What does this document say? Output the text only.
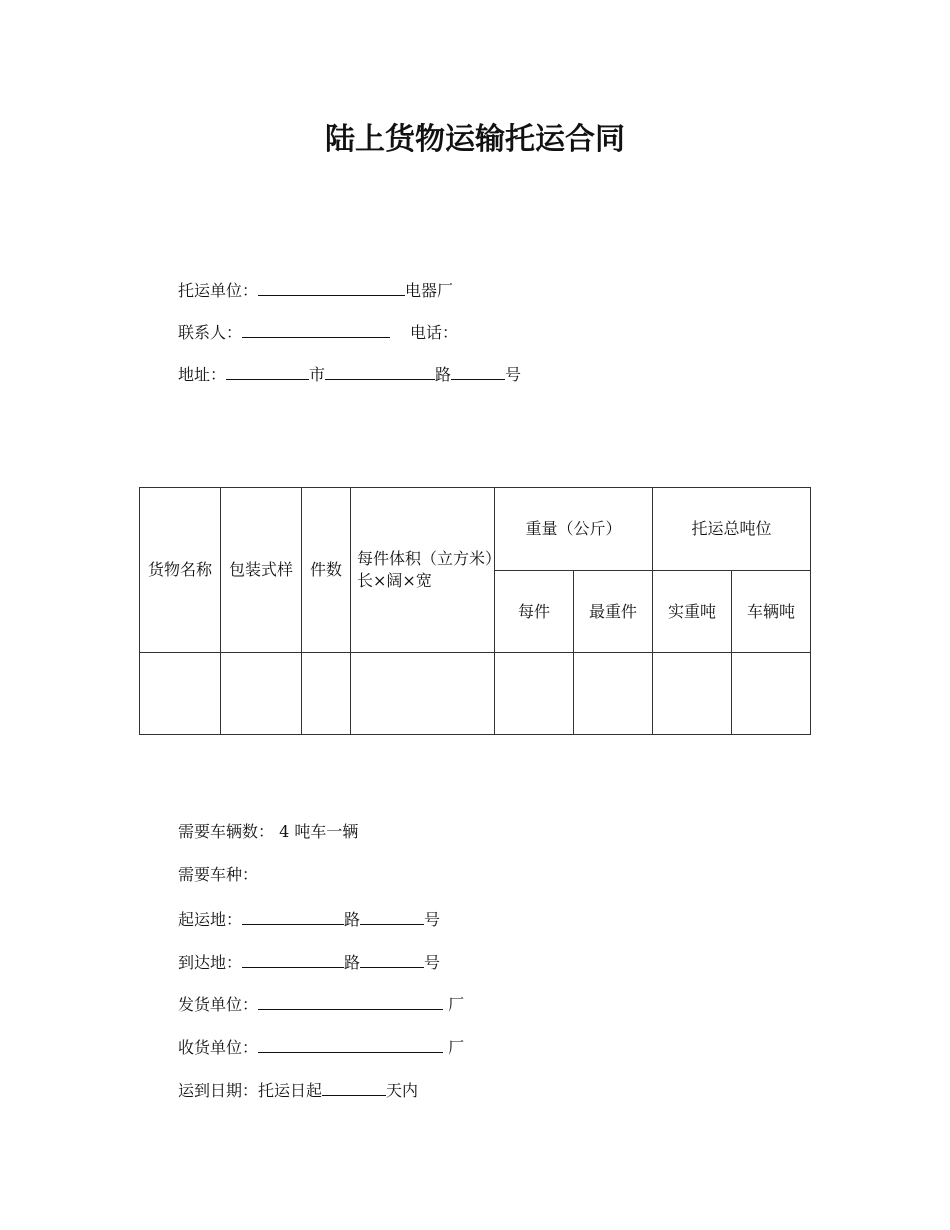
陆上货物运输托运合同
托运单位：	电器厂
联系人：	电话：
地址：	市	路	号
货物名称	包装式样	件数	每件体积（立方米）长×阔×宽	重量（公斤）		托运总吨位	
				每件	最重件	实重吨	车辆吨

需要车辆数： 4 吨车一辆
需要车种：
起运地：	路	号
到达地：	路	号
发货单位：	厂
收货单位：	厂
运到日期：托运日起	天内
